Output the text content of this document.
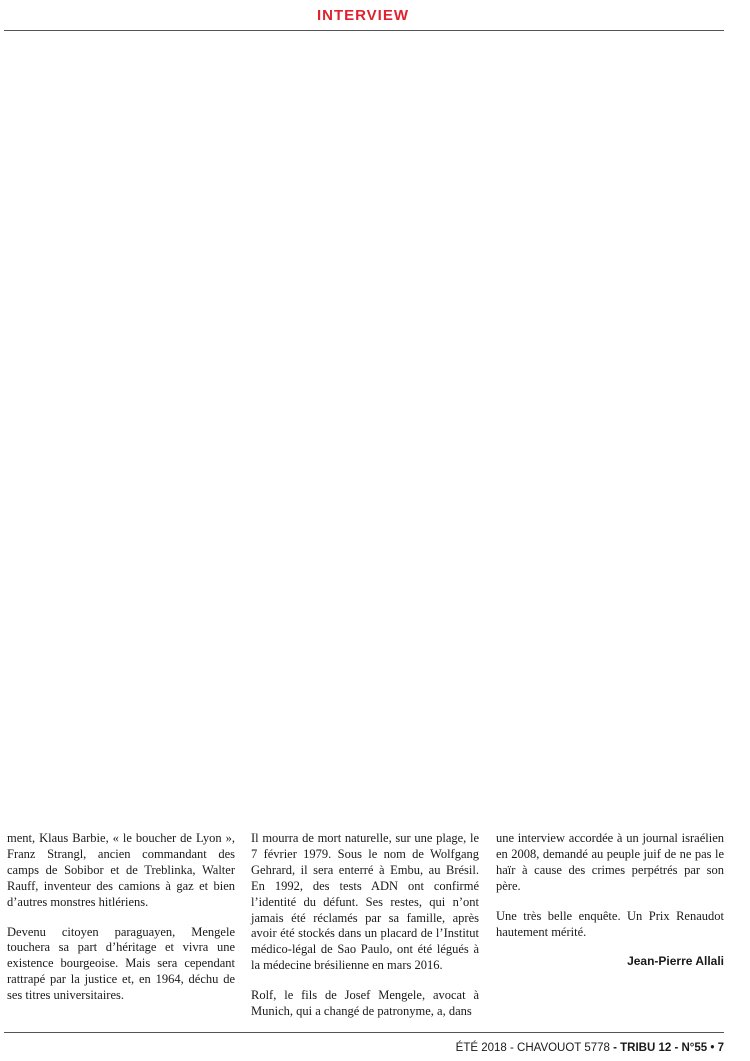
INTERVIEW

ment, Klaus Barbie, « le boucher de Lyon », Franz Strangl, ancien commandant des camps de Sobibor et de Treblinka, Walter Rauff, inventeur des camions à gaz et bien d’autres monstres hitlériens.

Devenu citoyen paraguayen, Mengele touchera sa part d’héritage et vivra une existence bourgeoise. Mais sera cependant rattrapé par la justice et, en 1964, déchu de ses titres universitaires.

Il mourra de mort naturelle, sur une plage, le 7 février 1979. Sous le nom de Wolfgang Gehrard, il sera enterré à Embu, au Brésil. En 1992, des tests ADN ont confirmé l’identité du défunt. Ses restes, qui n’ont jamais été réclamés par sa famille, après avoir été stockés dans un placard de l’Institut médico-légal de Sao Paulo, ont été légués à la médecine brésilienne en mars 2016.

Rolf, le fils de Josef Mengele, avocat à Munich, qui a changé de patronyme, a, dans

une interview accordée à un journal israélien en 2008, demandé au peuple juif de ne pas le haïr à cause des crimes perpétrés par son père.

Une très belle enquête. Un Prix Renaudot hautement mérité.

Jean-Pierre Allali
ÉTÉ 2018 - CHAVOUOT 5778 - TRIBU 12 - N°55 • 7
